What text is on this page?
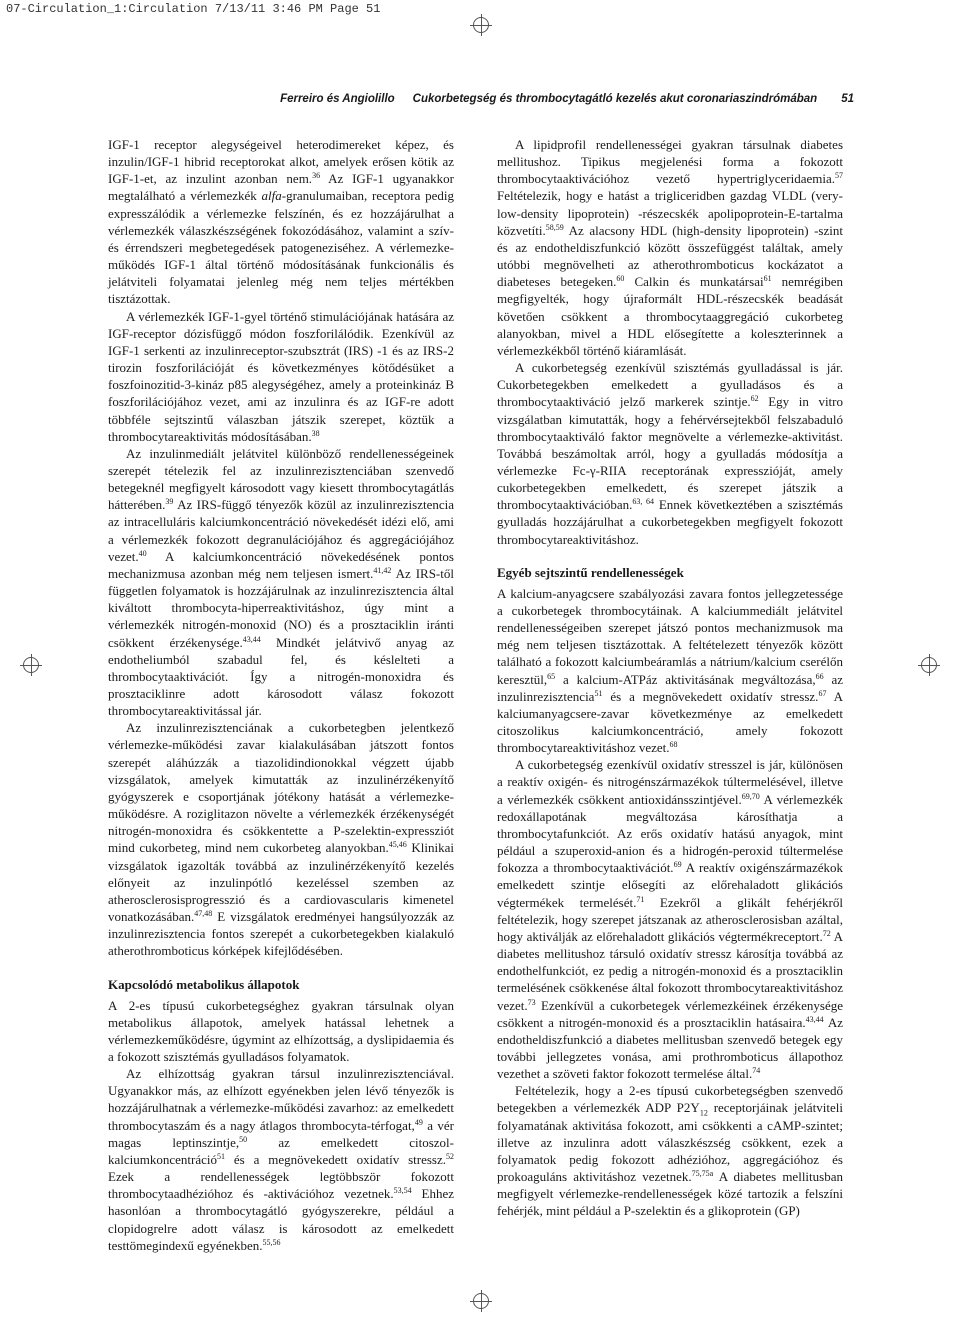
07-Circulation_1:Circulation 7/13/11 3:46 PM Page 51
Ferreiro és Angiolillo Cukorbetegség és thrombocytagátló kezelés akut coronariaszindrómában 51

IGF-1 receptor alegységeivel heterodimereket képez, és inzulin/IGF-1 hibrid receptorokat alkot, amelyek erősen kötik az IGF-1-et, az inzulint azonban nem.$^{36}$ Az IGF-1 ugyanakkor megtalálható a vérlemezkék alfa-granulumaiban, receptora pedig expresszálódik a vérlemezke felszínén, és ez hozzájárulhat a vérlemezkék válaszkészségének fokozódásához, valamint a szív- és érrendszeri megbetegedések patogeneziséhez. A vérlemezke-működés IGF-1 által történő módosításának funkcionális és jelátviteli folyamatai jelenleg még nem teljes mértékben tisztázottak.

A vérlemezkék IGF-1-gyel történő stimulációjának hatására az IGF-receptor dózisfüggő módon foszforilálódik. Ezenkívül az IGF-1 serkenti az inzulinreceptor-szubsztrát (IRS) -1 és az IRS-2 tirozin foszforilációját és következményes kötődésüket a foszfoinozitid-3-kináz p85 alegységéhez, amely a proteinkináz B foszforilációjához vezet, ami az inzulinra és az IGF-re adott többféle sejtszintű válaszban játszik szerepet, köztük a thrombocytareaktivitás módosításában.$^{38}$

Az inzulinmediált jelátvitel különböző rendellenességeinek szerepét tételezik fel az inzulinrezisztenciában szenvedő betegeknél megfigyelt károsodott vagy kiesett thrombocytagátlás hátterében.$^{39}$ Az IRS-függő tényezők közül az inzulinrezisztencia az intracelluláris kalciumkoncentráció növekedését idézi elő, ami a vérlemezkék fokozott degranulációjához és aggregációjához vezet.$^{40}$ A kalciumkoncentráció növekedésének pontos mechanizmusa azonban még nem teljesen ismert.$^{41,42}$ Az IRS-től független folyamatok is hozzájárulnak az inzulinrezisztencia által kiváltott thrombocyta-hiperreaktivitáshoz, úgy mint a vérlemezkék nitrogén-monoxid (NO) és a prosztaciklin iránti csökkent érzékenysége.$^{43,44}$ Mindkét jelátvivő anyag az endotheliumból szabadul fel, és késlelteti a thrombocytaaktivációt. Így a nitrogén-monoxidra és prosztaciklinre adott károsodott válasz fokozott thrombocytareaktivitással jár.

Az inzulinrezisztenciának a cukorbetegben jelentkező vérlemezke-működési zavar kialakulásában játszott fontos szerepét aláhúzzák a tiazolidindionokkal végzett újabb vizsgálatok, amelyek kimutatták az inzulinérzékenyítő gyógyszerek e csoportjának jótékony hatását a vérlemezke-működésre. A roziglitazon növelte a vérlemezkék érzékenységét nitrogén-monoxidra és csökkentette a P-szelektin-expressziót mind cukorbeteg, mind nem cukorbeteg alanyokban.$^{45,46}$ Klinikai vizsgálatok igazolták továbbá az inzulinérzékenyítő kezelés előnyeit az inzulinpótló kezeléssel szemben az atherosclerosisprogresszió és a cardiovascularis kimenetel vonatkozásában.$^{47,48}$ E vizsgálatok eredményei hangsúlyozzák az inzulinrezisztencia fontos szerepét a cukorbetegekben kialakuló atherothromboticus kórképek kifejlődésében.

Kapcsolódó metabolikus állapotok

A 2-es típusú cukorbetegséghez gyakran társulnak olyan metabolikus állapotok, amelyek hatással lehetnek a vérlemezkeműködésre, úgymint az elhízottság, a dyslipidaemia és a fokozott szisztémás gyulladásos folyamatok.

Az elhízottság gyakran társul inzulinrezisztenciával. Ugyanakkor más, az elhízott egyénekben jelen lévő tényezők is hozzájárulhatnak a vérlemezke-működési zavarhoz: az emelkedett thrombocytaszám és a nagy átlagos thrombocyta-térfogat,$^{49}$ a vér magas leptinszintje,$^{50}$ az emelkedett citoszol-kalciumkoncentráció$^{51}$ és a megnövekedett oxidatív stressz.$^{52}$ Ezek a rendellenességek legtöbbször fokozott thrombocytaadhézióhoz és -aktivációhoz vezetnek.$^{53,54}$ Ehhez hasonlóan a thrombocytagátló gyógyszerekre, például a clopidogrelre adott válasz is károsodott az emelkedett testtömegindexű egyénekben.$^{55,56}$

A lipidprofil rendellenességei gyakran társulnak diabetes mellitushoz. Tipikus megjelenési forma a fokozott thrombocytaaktivációhoz vezető hypertriglyceridaemia.$^{57}$ Feltételezik, hogy e hatást a trigliceridben gazdag VLDL (very-low-density lipoprotein) -részecskék apolipoprotein-E-tartalma közvetíti.$^{58,59}$ Az alacsony HDL (high-density lipoprotein) -szint és az endotheldiszfunkció között összefüggést találtak, amely utóbbi megnövelheti az atherothromboticus kockázatot a diabeteses betegeken.$^{60}$ Calkin és munkatársai$^{61}$ nemrégiben megfigyelték, hogy újraformált HDL-részecskék beadását követően csökkent a thrombocytaaggregáció cukorbeteg alanyokban, mivel a HDL elősegítette a koleszterinnek a vérlemezkékből történő kiáramlását.

A cukorbetegség ezenkívül szisztémás gyulladással is jár. Cukorbetegekben emelkedett a gyulladásos és a thrombocytaaktiváció jelző markerek szintje.$^{62}$ Egy in vitro vizsgálatban kimutatták, hogy a fehérvérsejtekből felszabaduló thrombocytaaktiváló faktor megnövelte a vérlemezke-aktivitást. Továbbá beszámoltak arról, hogy a gyulladás módosítja a vérlemezke Fc-γ-RIIA receptorának expresszióját, amely cukorbetegekben emelkedett, és szerepet játszik a thrombocytaaktivációban.$^{63, 64}$ Ennek következtében a szisztémás gyulladás hozzájárulhat a cukorbetegekben megfigyelt fokozott thrombocytareaktivitáshoz.

Egyéb sejtszintű rendellenességek

A kalcium-anyagcsere szabályozási zavara fontos jellegzetessége a cukorbetegek thrombocytáinak. A kalciummediált jelátvitel rendellenességeiben szerepet játszó pontos mechanizmusok ma még nem teljesen tisztázottak. A feltételezett tényezők között található a fokozott kalciumbeáramlás a nátrium/kalcium cserélőn keresztül,$^{65}$ a kalcium-ATPáz aktivitásának megváltozása,$^{66}$ az inzulinrezisztencia$^{51}$ és a megnövekedett oxidatív stressz.$^{67}$ A kalciumanyagcsere-zavar következménye az emelkedett citoszolikus kalciumkoncentráció, amely fokozott thrombocytareaktivitáshoz vezet.$^{68}$

A cukorbetegség ezenkívül oxidatív stresszel is jár, különösen a reaktív oxigén- és nitrogénszármazékok túltermelésével, illetve a vérlemezkék csökkent antioxidánsszintjével.$^{69,70}$ A vérlemezkék redoxállapotának megváltozása károsíthatja a thrombocytafunkciót. Az erős oxidatív hatású anyagok, mint például a szuperoxid-anion és a hidrogén-peroxid túltermelése fokozza a thrombocytaaktivációt.$^{69}$ A reaktív oxigénszármazékok emelkedett szintje elősegíti az előrehaladott glikációs végtermékek termelését.$^{71}$ Ezekről a glikált fehérjékről feltételezik, hogy szerepet játszanak az atherosclerosisban azáltal, hogy aktiválják az előrehaladott glikációs végtermékreceptort.$^{72}$ A diabetes mellitushoz társuló oxidatív stressz károsítja továbbá az endothelfunkciót, ez pedig a nitrogén-monoxid és a prosztaciklin termelésének csökkenése által fokozott thrombocytareaktivitáshoz vezet.$^{73}$ Ezenkívül a cukorbetegek vérlemezkéinek érzékenysége csökkent a nitrogén-monoxid és a prosztaciklin hatásaira.$^{43,44}$ Az endotheldiszfunkció a diabetes mellitusban szenvedő betegek egy további jellegzetes vonása, ami prothromboticus állapothoz vezethet a szöveti faktor fokozott termelése által.$^{74}$

Feltételezik, hogy a 2-es típusú cukorbetegségben szenvedő betegekben a vérlemezkék ADP $P2Y_{12}$ receptorjáinak jelátviteli folyamatának aktivitása fokozott, ami csökkenti a cAMP-szintet; illetve az inzulinra adott válaszkészség csökkent, ezek a folyamatok pedig fokozott adhézióhoz, aggregációhoz és prokoaguláns aktivitáshoz vezetnek.$^{75,75a}$ A diabetes mellitusban megfigyelt vérlemezke-rendellenességek közé tartozik a felszíni fehérjék, mint például a P-szelektin és a glikoprotein (GP)
